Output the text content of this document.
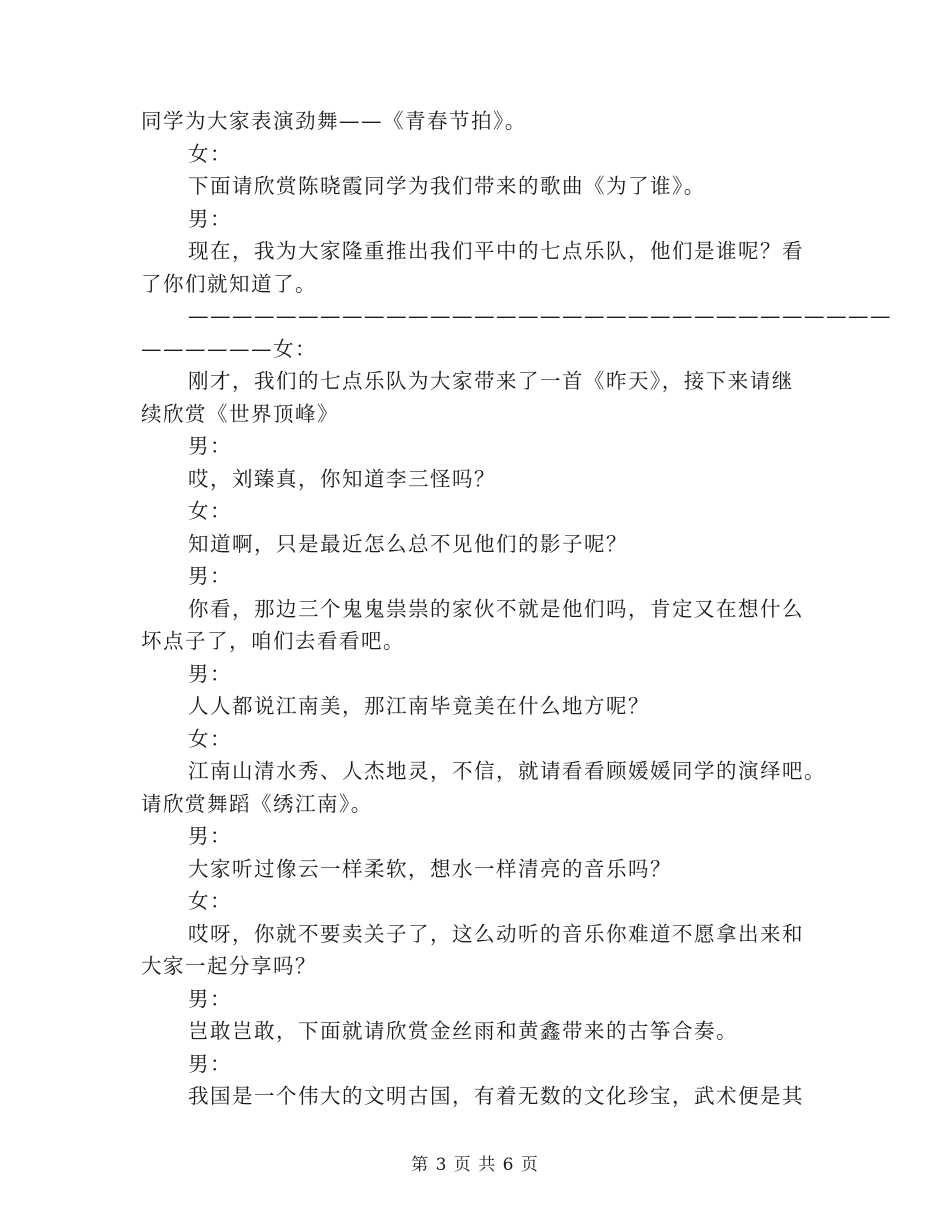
同学为大家表演劲舞——《青春节拍》。
女：
下面请欣赏陈晓霞同学为我们带来的歌曲《为了谁》。
男：
现在，我为大家隆重推出我们平中的七点乐队，他们是谁呢？看
了你们就知道了。
————————————————————————————————
——————女：
刚才，我们的七点乐队为大家带来了一首《昨天》，接下来请继
续欣赏《世界顶峰》
男：
哎，刘臻真，你知道李三怪吗？
女：
知道啊，只是最近怎么总不见他们的影子呢？
男：
你看，那边三个鬼鬼祟祟的家伙不就是他们吗，肯定又在想什么
坏点子了，咱们去看看吧。
男：
人人都说江南美，那江南毕竟美在什么地方呢？
女：
江南山清水秀、人杰地灵，不信，就请看看顾媛媛同学的演绎吧。
请欣赏舞蹈《绣江南》。
男：
大家听过像云一样柔软，想水一样清亮的音乐吗？
女：
哎呀，你就不要卖关子了，这么动听的音乐你难道不愿拿出来和
大家一起分享吗？
男：
岂敢岂敢，下面就请欣赏金丝雨和黄鑫带来的古筝合奏。
男：
我国是一个伟大的文明古国，有着无数的文化珍宝，武术便是其
第 3 页 共 6 页
